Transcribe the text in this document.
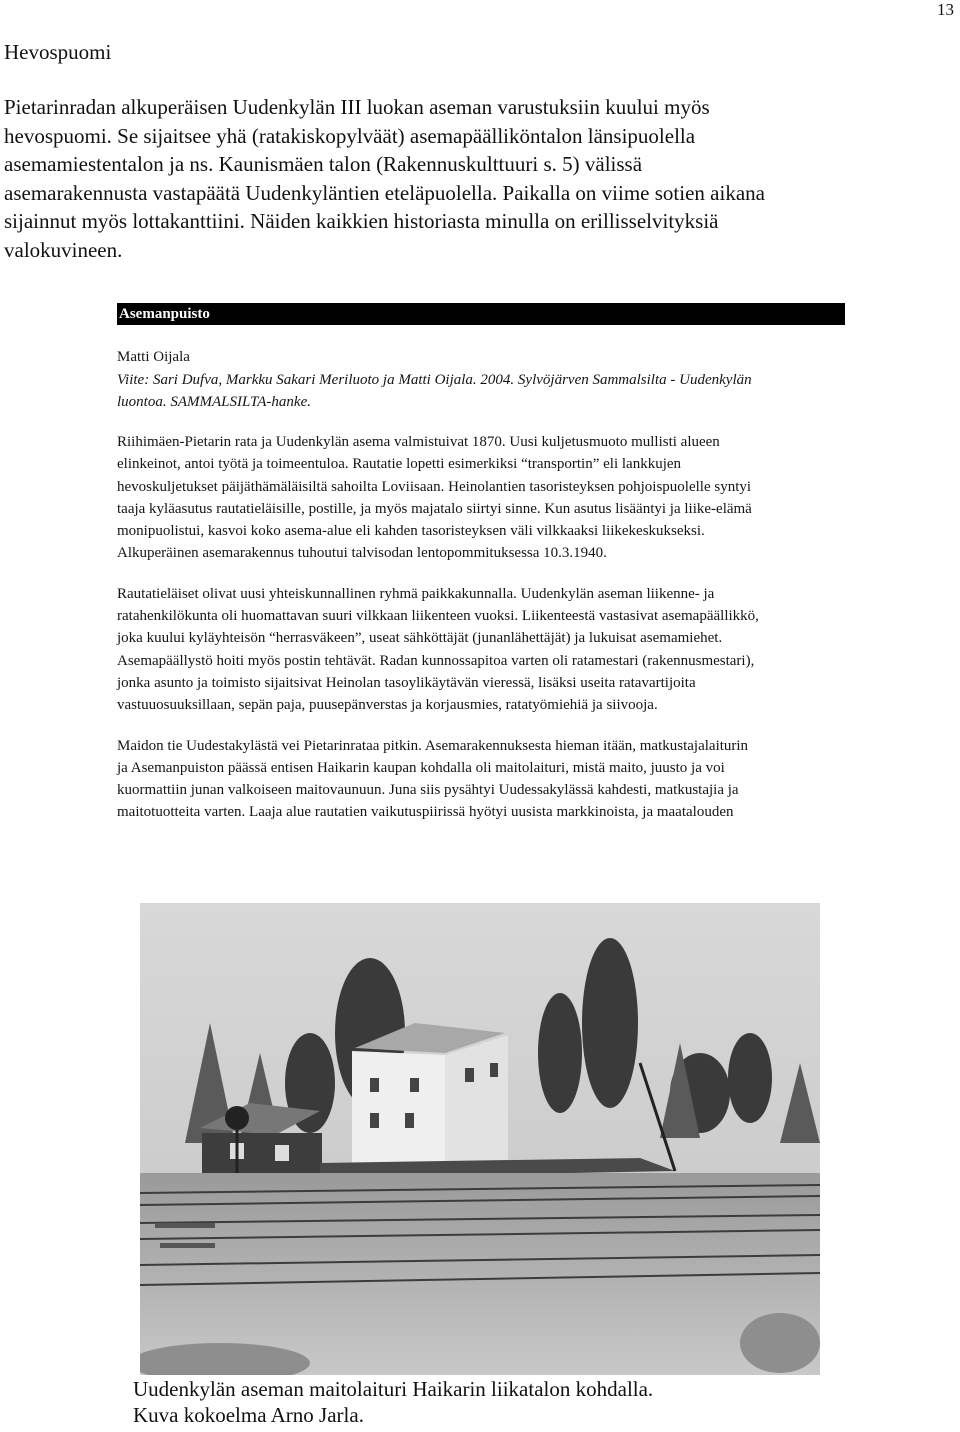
13
Hevospuomi
Pietarinradan alkuperäisen Uudenkylän III luokan aseman varustuksiin kuului myös
hevospuomi. Se sijaitsee yhä (ratakiskopylväät) asemapäälliköntalon länsipuolella
asemamiestentalon ja ns. Kaunismäen talon (Rakennuskulttuuri s. 5) välissä
asemarakennusta vastapäätä Uudenkyläntien eteläpuolella. Paikalla on viime sotien aikana
sijainnut myös lottakanttiini. Näiden kaikkien historiasta minulla on erillisselvityksiä
valokuvineen.
Asemanpuisto
Matti Oijala
Viite: Sari Dufva, Markku Sakari Meriluoto ja Matti Oijala. 2004. Sylvöjärven Sammalsilta - Uudenkylän
luontoa. SAMMALSILTA-hanke.
Riihimäen-Pietarin rata ja Uudenkylän asema valmistuivat 1870. Uusi kuljetusmuoto mullisti alueen
elinkeinot, antoi työtä ja toimeentuloa. Rautatie lopetti esimerkiksi “transportin” eli lankkujen
hevoskuljetukset päijäthämäläisiltä sahoilta Loviisaan. Heinolantien tasoristeyksen pohjoispuolelle syntyi
taaja kyläasutus rautatieläisille, postille, ja myös majatalo siirtyi sinne. Kun asutus lisääntyi ja liike-elämä
monipuolistui, kasvoi koko asema-alue eli kahden tasoristeyksen väli vilkkaaksi liikekeskukseksi.
Alkuperäinen asemarakennus tuhoutui talvisodan lentopommituksessa 10.3.1940.
Rautatieläiset olivat uusi yhteiskunnallinen ryhmä paikkakunnalla. Uudenkylän aseman liikenne- ja
ratahenkilökunta oli huomattavan suuri vilkkaan liikenteen vuoksi. Liikenteestä vastasivat asemapäällikkö,
joka kuului kyläyhteisön “herrasväkeen”, useat sähköttäjät (junanlähettäjät) ja lukuisat asemamiehet.
Asemapäällystö hoiti myös postin tehtävät. Radan kunnossapitoa varten oli ratamestari (rakennusmestari),
jonka asunto ja toimisto sijaitsivat Heinolan tasoylikäytävän vieressä, lisäksi useita ratavartijoita
vastuuosuuksillaan, sepän paja, puusepänverstas ja korjausmies, ratatyömiehiä ja siivooja.
Maidon tie Uudestakylästä vei Pietarinrataa pitkin. Asemarakennuksesta hieman itään, matkustajalaiturin
ja Asemanpuiston päässä entisen Haikarin kaupan kohdalla oli maitolaituri, mistä maito, juusto ja voi
kuormattiin junan valkoiseen maitovaunuun. Juna siis pysähtyi Uudessakylässä kahdesti, matkustajia ja
maitotuotteita varten. Laaja alue rautatien vaikutuspiirissä hyötyi uusista markkinoista, ja maatalouden
Uudenkylän aseman maitolaituri Haikarin liikatalon kohdalla.
Kuva kokoelma Arno Jarla.
